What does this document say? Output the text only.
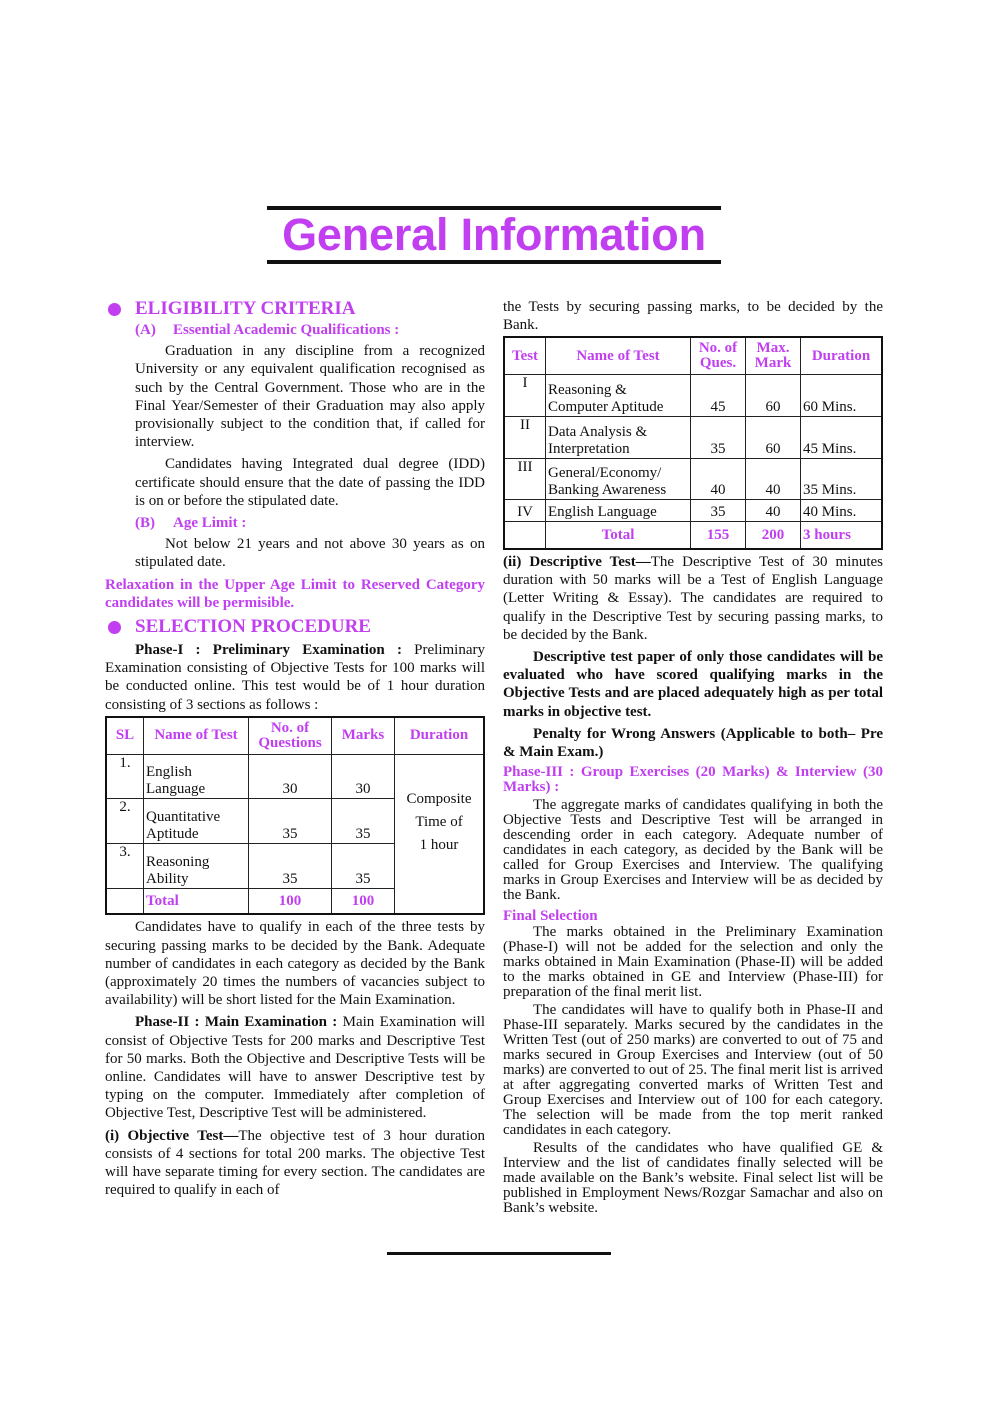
General Information
ELIGIBILITY CRITERIA
(A) Essential Academic Qualifications :

Graduation in any discipline from a recognized University or any equivalent qualification recognised as such by the Central Government. Those who are in the Final Year/Semester of their Graduation may also apply provisionally subject to the condition that, if called for interview.

Candidates having Integrated dual degree (IDD) certificate should ensure that the date of passing the IDD is on or before the stipulated date.

(B) Age Limit :

Not below 21 years and not above 30 years as on stipulated date.

Relaxation in the Upper Age Limit to Reserved Category candidates will be permisible.

SELECTION PROCEDURE

Phase-I : Preliminary Examination : Preliminary Examination consisting of Objective Tests for 100 marks will be conducted online. This test would be of 1 hour duration consisting of 3 sections as follows :

SL	Name of Test	No. of Questions	Marks	Duration
1.	English
Language	30	30	Composite
Time of
1 hour

2.	Quantitative
Aptitude	35	35	
3.	Reasoning
Ability	35	35	
	Total	100	100	

Candidates have to qualify in each of the three tests by securing passing marks to be decided by the Bank. Adequate number of candidates in each category as decided by the Bank (approximately 20 times the numbers of vacancies subject to availability) will be short listed for the Main Examination.

Phase-II : Main Examination : Main Examination will consist of Objective Tests for 200 marks and Descriptive Test for 50 marks. Both the Objective and Descriptive Tests will be online. Candidates will have to answer Descriptive test by typing on the computer. Immediately after completion of Objective Test, Descriptive Test will be administered.

(i) Objective Test—The objective test of 3 hour duration consists of 4 sections for total 200 marks. The objective Test will have separate timing for every section. The candidates are required to qualify in each of

the Tests by securing passing marks, to be decided by the Bank.

Test	Name of Test	No. of Ques.	Max. Mark	Duration
I	Reasoning &
Computer Aptitude	45	60	60 Mins.
II	Data Analysis &
Interpretation	35	60	45 Mins.
III	General/Economy/
Banking Awareness	40	40	35 Mins.
IV	English Language	35	40	40 Mins.
	Total	155	200	3 hours

(ii) Descriptive Test—The Descriptive Test of 30 minutes duration with 50 marks will be a Test of English Language (Letter Writing & Essay). The candidates are required to qualify in the Descriptive Test by securing passing marks, to be decided by the Bank.

Descriptive test paper of only those candidates will be evaluated who have scored qualifying marks in the Objective Tests and are placed adequately high as per total marks in objective test.

Penalty for Wrong Answers (Applicable to both– Pre & Main Exam.)

Phase-III : Group Exercises (20 Marks) & Interview (30 Marks) :

The aggregate marks of candidates qualifying in both the Objective Tests and Descriptive Test will be arranged in descending order in each category. Adequate number of candidates in each category, as decided by the Bank will be called for Group Exercises and Interview. The qualifying marks in Group Exercises and Interview will be as decided by the Bank.

Final Selection

The marks obtained in the Preliminary Examination (Phase-I) will not be added for the selection and only the marks obtained in Main Examination (Phase-II) will be added to the marks obtained in GE and Interview (Phase-III) for preparation of the final merit list.

The candidates will have to qualify both in Phase-II and Phase-III separately. Marks secured by the candidates in the Written Test (out of 250 marks) are converted to out of 75 and marks secured in Group Exercises and Interview (out of 50 marks) are converted to out of 25. The final merit list is arrived at after aggregating converted marks of Written Test and Group Exercises and Interview out of 100 for each category. The selection will be made from the top merit ranked candidates in each category.

Results of the candidates who have qualified GE & Interview and the list of candidates finally selected will be made available on the Bank’s website. Final select list will be published in Employment News/Rozgar Samachar and also on Bank’s website.
